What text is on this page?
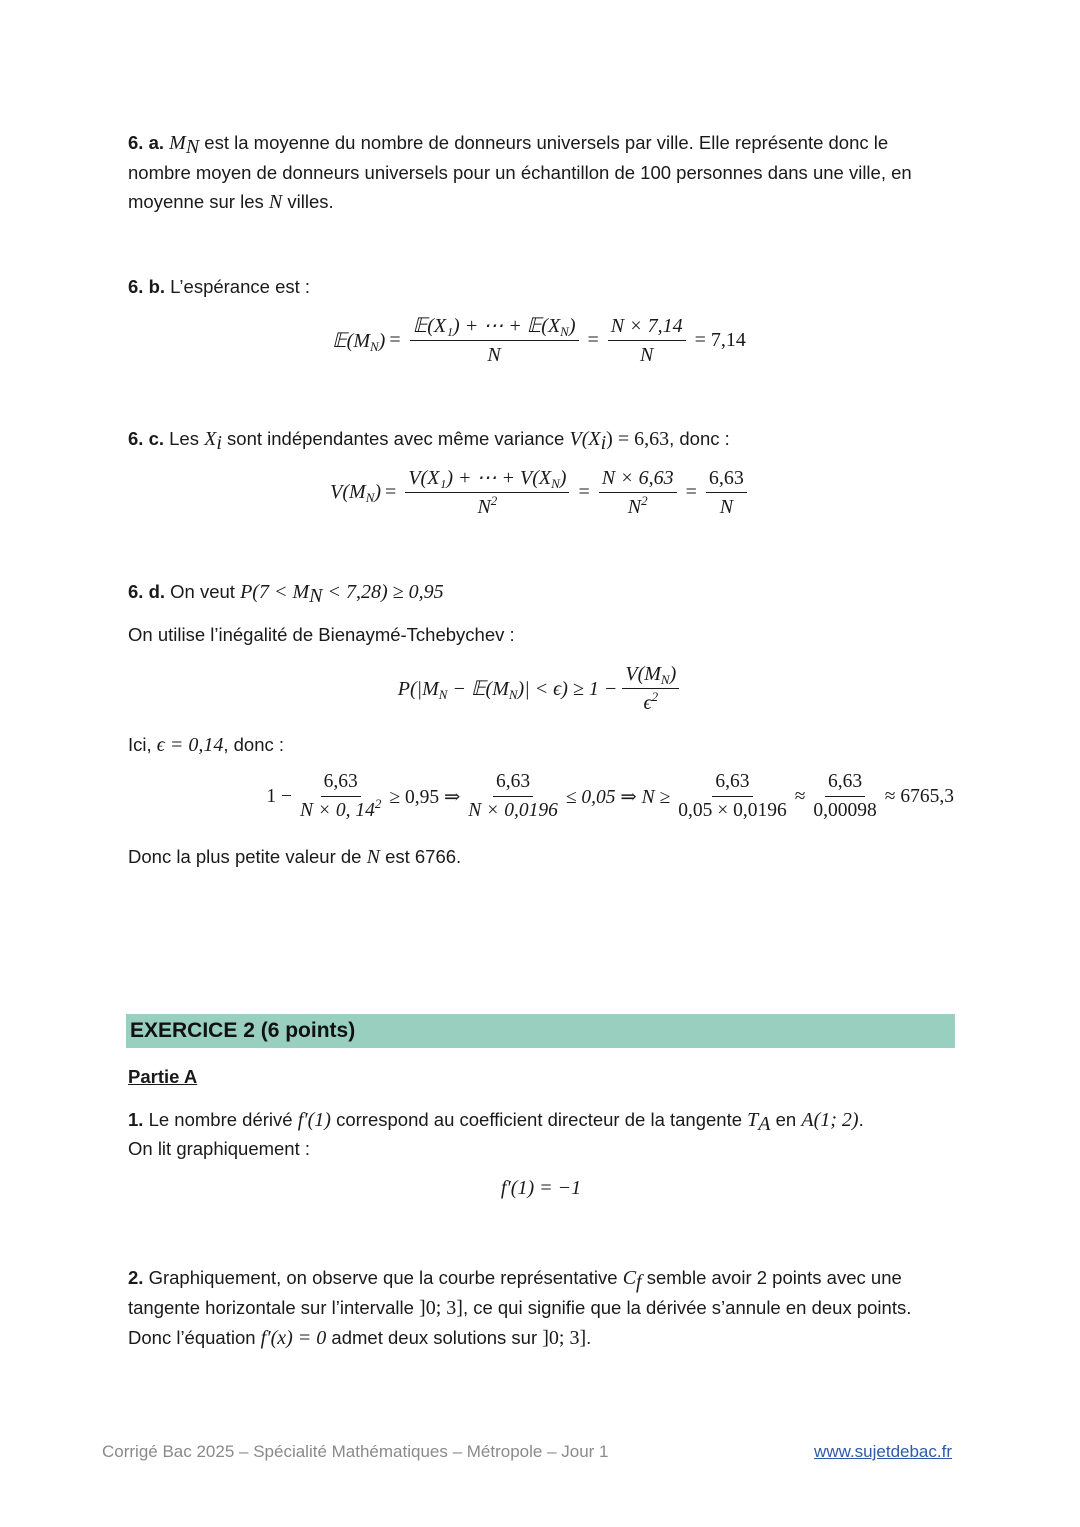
6. a. $M_N$ est la moyenne du nombre de donneurs universels par ville. Elle représente donc le nombre moyen de donneurs universels pour un échantillon de 100 personnes dans une ville, en moyenne sur les N villes.
6. b. L’espérance est :
$𝔼(M_N) = \frac{𝔼(X_1) + \cdots + 𝔼(X_N)}{N} = \frac{N \times 7,14}{N} = 7,14$
6. c. Les $X_i$ sont indépendantes avec même variance $V(X_i) = 6,63$, donc :
$V(M_N) = \frac{V(X_1) + \cdots + V(X_N)}{N^2} = \frac{N \times 6,63}{N^2} = \frac{6,63}{N}$
6. d. On veut $P(7 < M_N < 7,28) \ge 0,95$
On utilise l’inégalité de Bienaymé-Tchebychev :
$P(|M_N$ − $𝔼(M_N)| < \epsilon) \ge 1 - \frac{V(M_N)}{\epsilon^2}$
Ici, ϵ = 0,14, donc :
$1 - \frac{6,63}{N \times 0, 14^2} \ge 0,95$ ⇒ $\frac{6,63}{N \times 0,0196} \le 0,05$ ⇒ $N \ge \frac{6,63}{0,05 \times 0,0196} \approx \frac{6,63}{0,00098} \approx 6765,3$
Donc la plus petite valeur de N est 6766.
EXERCICE 2 (6 points)
Partie A
1. Le nombre dérivé f′(1) correspond au coefficient directeur de la tangente $T_A$ en A(1; 2).
On lit graphiquement :
f′(1) = −1
2. Graphiquement, on observe que la courbe représentative $C_f$ semble avoir 2 points avec une tangente horizontale sur l’intervalle ]0; 3], ce qui signifie que la dérivée s’annule en deux points. Donc l’équation f′(x) = 0 admet deux solutions sur ]0; 3].
Corrigé Bac 2025 – Spécialité Mathématiques – Métropole – Jour 1	www.sujetdebac.fr
